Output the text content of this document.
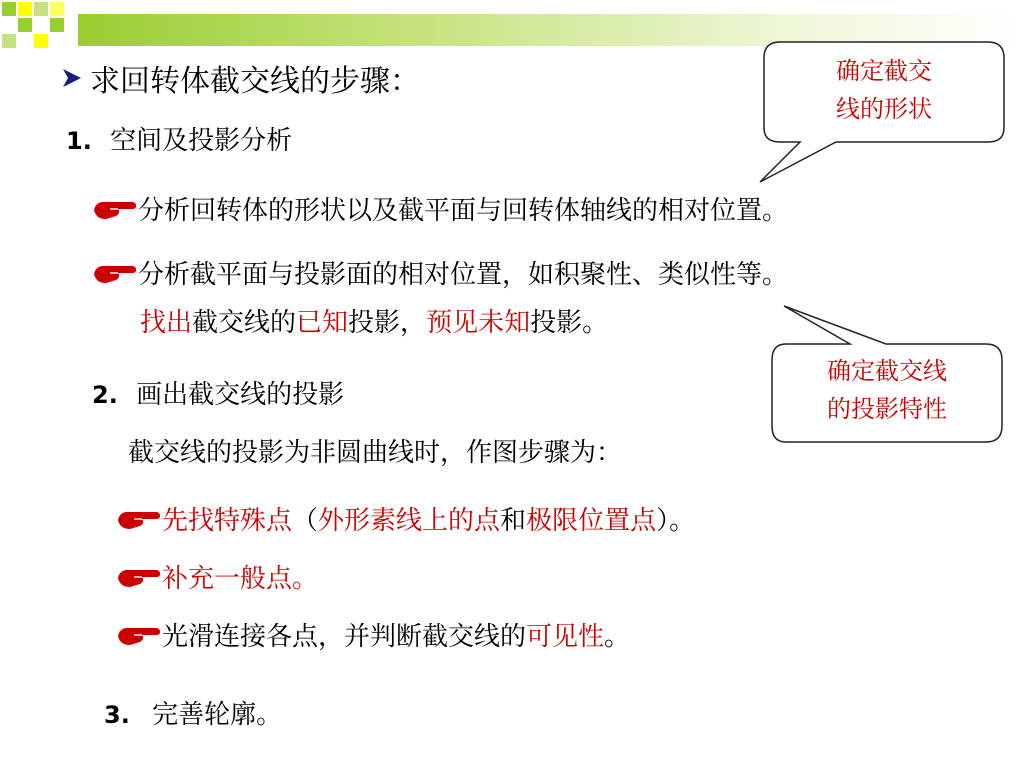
求回转体截交线的步骤：
1. 空间及投影分析
分析回转体的形状以及截平面与回转体轴线的相对位置。
分析截平面与投影面的相对位置，如积聚性、类似性等。
找出截交线的已知投影，预见未知投影。
2. 画出截交线的投影
截交线的投影为非圆曲线时，作图步骤为：
先找特殊点（外形素线上的点和极限位置点）。
补充一般点。
光滑连接各点，并判断截交线的可见性。
3. 完善轮廓。
确定截交
线的形状
确定截交线
的投影特性
